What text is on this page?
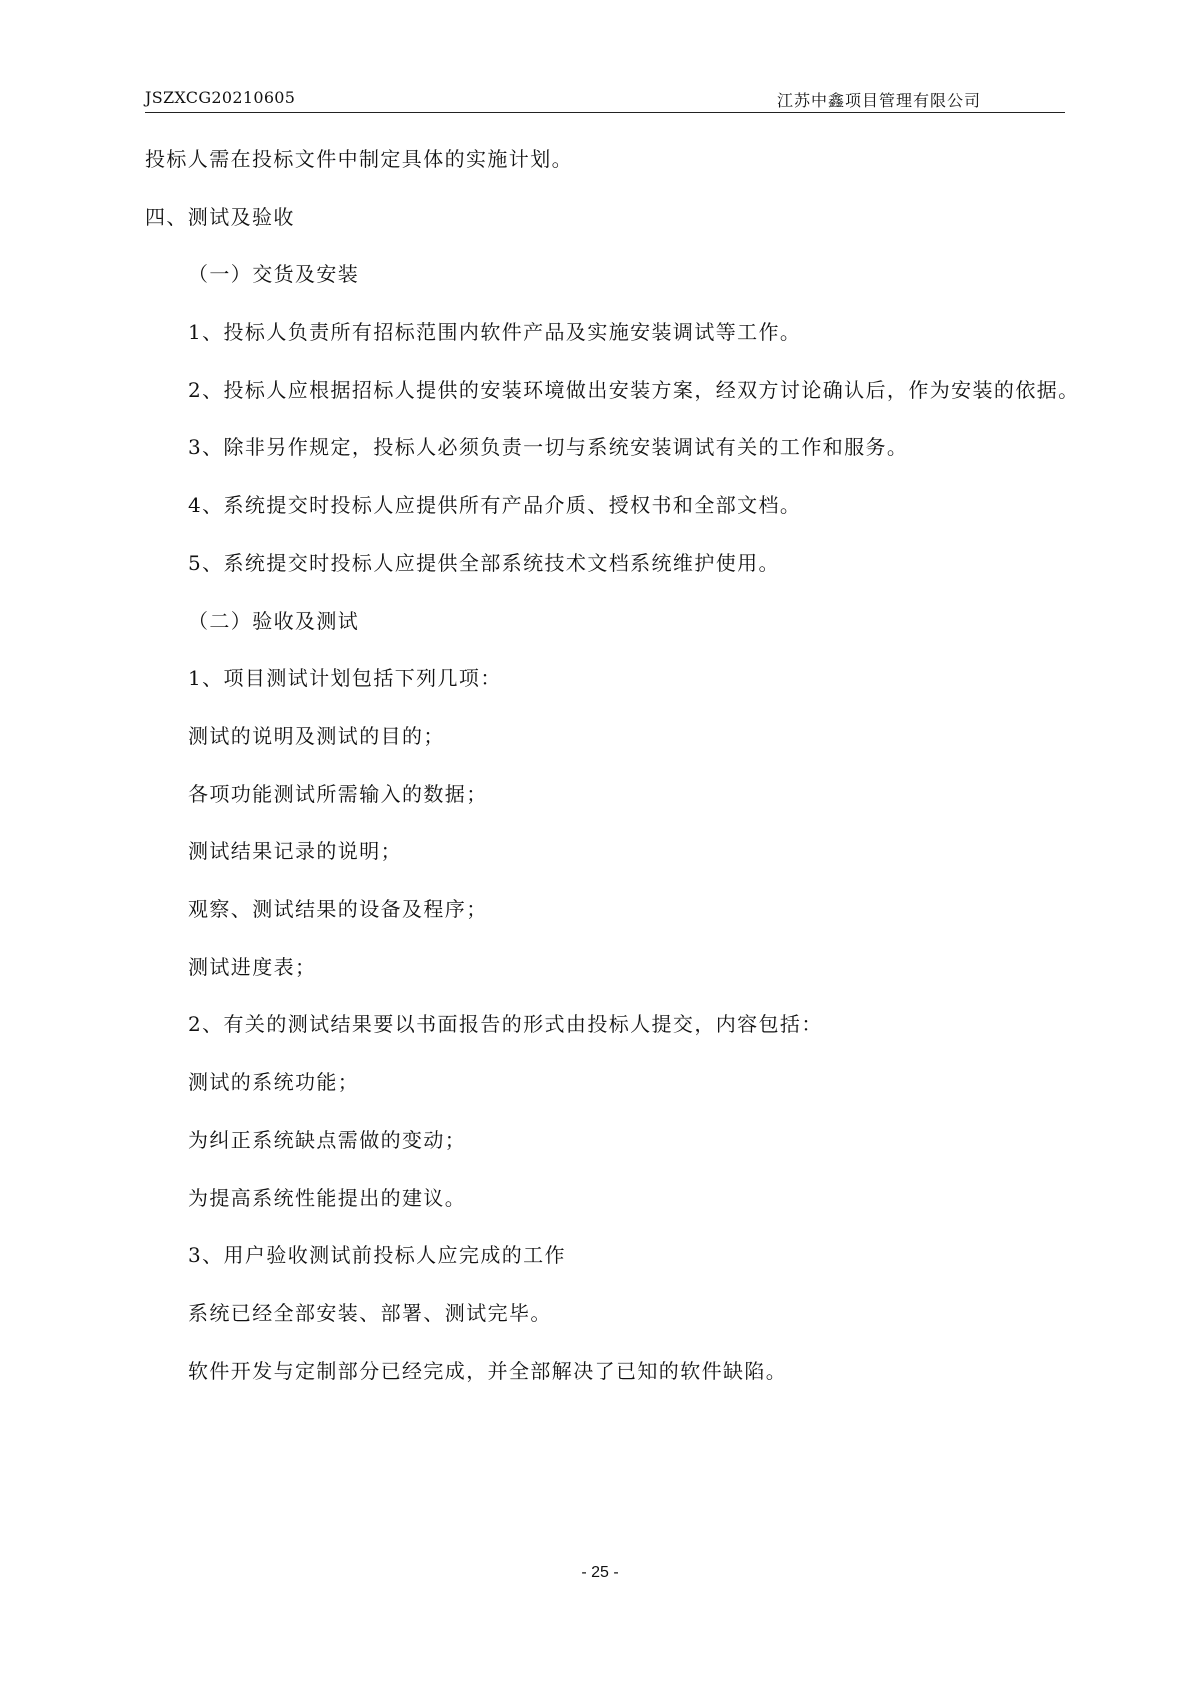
JSZXCG20210605	江苏中鑫项目管理有限公司
投标人需在投标文件中制定具体的实施计划。
四、测试及验收
（一）交货及安装
1、投标人负责所有招标范围内软件产品及实施安装调试等工作。
2、投标人应根据招标人提供的安装环境做出安装方案，经双方讨论确认后，作为安装的依据。
3、除非另作规定，投标人必须负责一切与系统安装调试有关的工作和服务。
4、系统提交时投标人应提供所有产品介质、授权书和全部文档。
5、系统提交时投标人应提供全部系统技术文档系统维护使用。
（二）验收及测试
1、项目测试计划包括下列几项：
测试的说明及测试的目的；
各项功能测试所需输入的数据；
测试结果记录的说明；
观察、测试结果的设备及程序；
测试进度表；
2、有关的测试结果要以书面报告的形式由投标人提交，内容包括：
测试的系统功能；
为纠正系统缺点需做的变动；
为提高系统性能提出的建议。
3、用户验收测试前投标人应完成的工作
系统已经全部安装、部署、测试完毕。
软件开发与定制部分已经完成，并全部解决了已知的软件缺陷。
- 25 -
